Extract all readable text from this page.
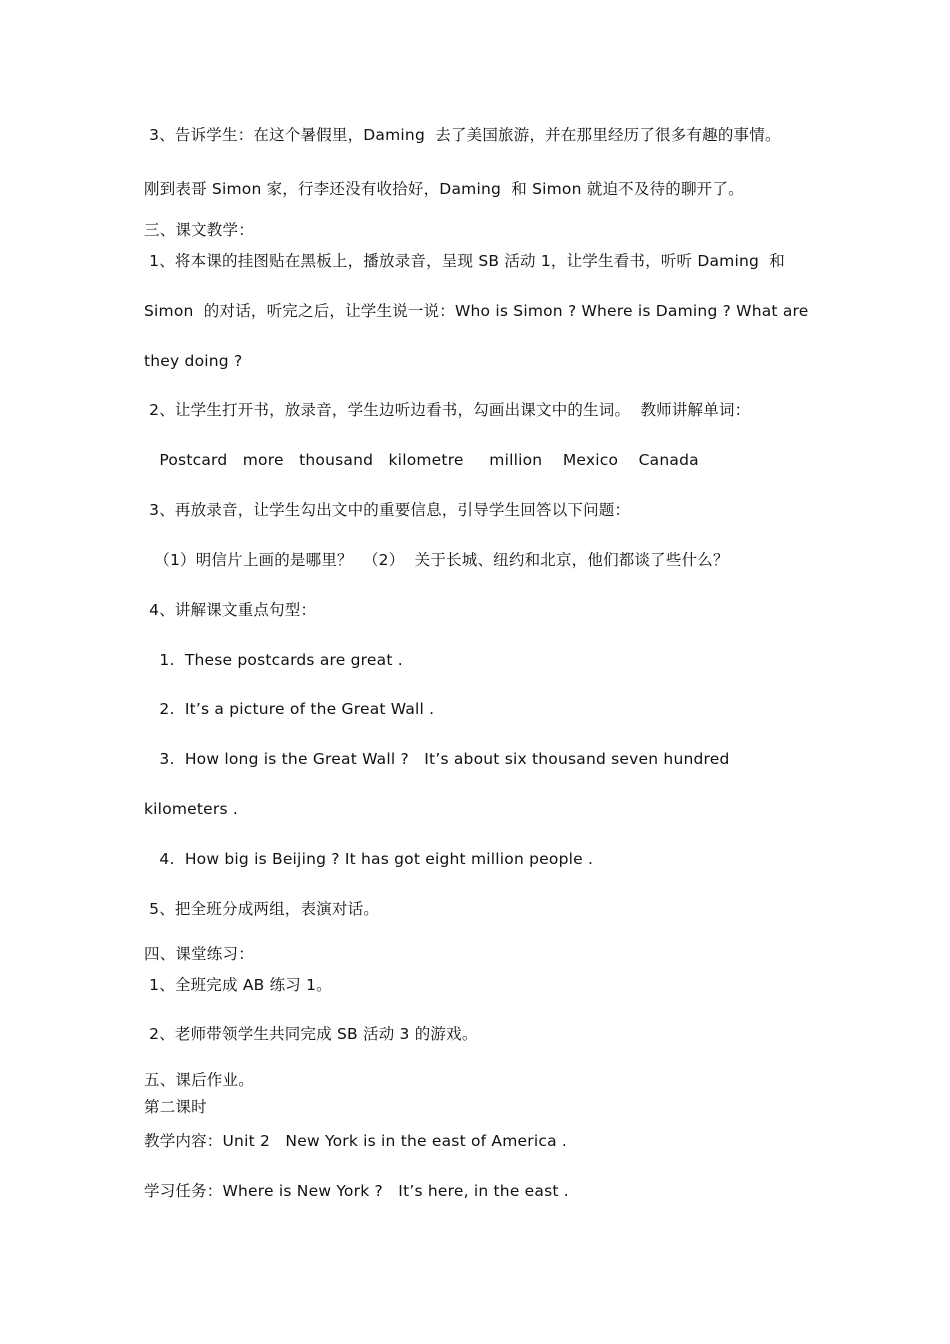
3、告诉学生：在这个暑假里，Daming  去了美国旅游，并在那里经历了很多有趣的事情。
刚到表哥 Simon 家，行李还没有收拾好，Daming  和 Simon 就迫不及待的聊开了。
三、课文教学：
1、将本课的挂图贴在黑板上，播放录音，呈现 SB 活动 1，让学生看书，听听 Daming  和
Simon  的对话，听完之后，让学生说一说：Who is Simon ? Where is Daming ? What are
they doing ?
2、让学生打开书，放录音，学生边听边看书，勾画出课文中的生词。  教师讲解单词：
Postcard   more   thousand   kilometre     million    Mexico    Canada
3、再放录音，让学生勾出文中的重要信息，引导学生回答以下问题：
（1）明信片上画的是哪里？  （2）  关于长城、纽约和北京，他们都谈了些什么？
4、讲解课文重点句型：
1.  These postcards are great .
2.  It’s a picture of the Great Wall .
3.  How long is the Great Wall ?   It’s about six thousand seven hundred
kilometers .
4.  How big is Beijing ? It has got eight million people .
5、把全班分成两组，表演对话。
四、课堂练习：
1、全班完成 AB 练习 1。
2、老师带领学生共同完成 SB 活动 3 的游戏。
五、课后作业。
第二课时
教学内容：Unit 2   New York is in the east of America .
学习任务：Where is New York ?   It’s here, in the east .
